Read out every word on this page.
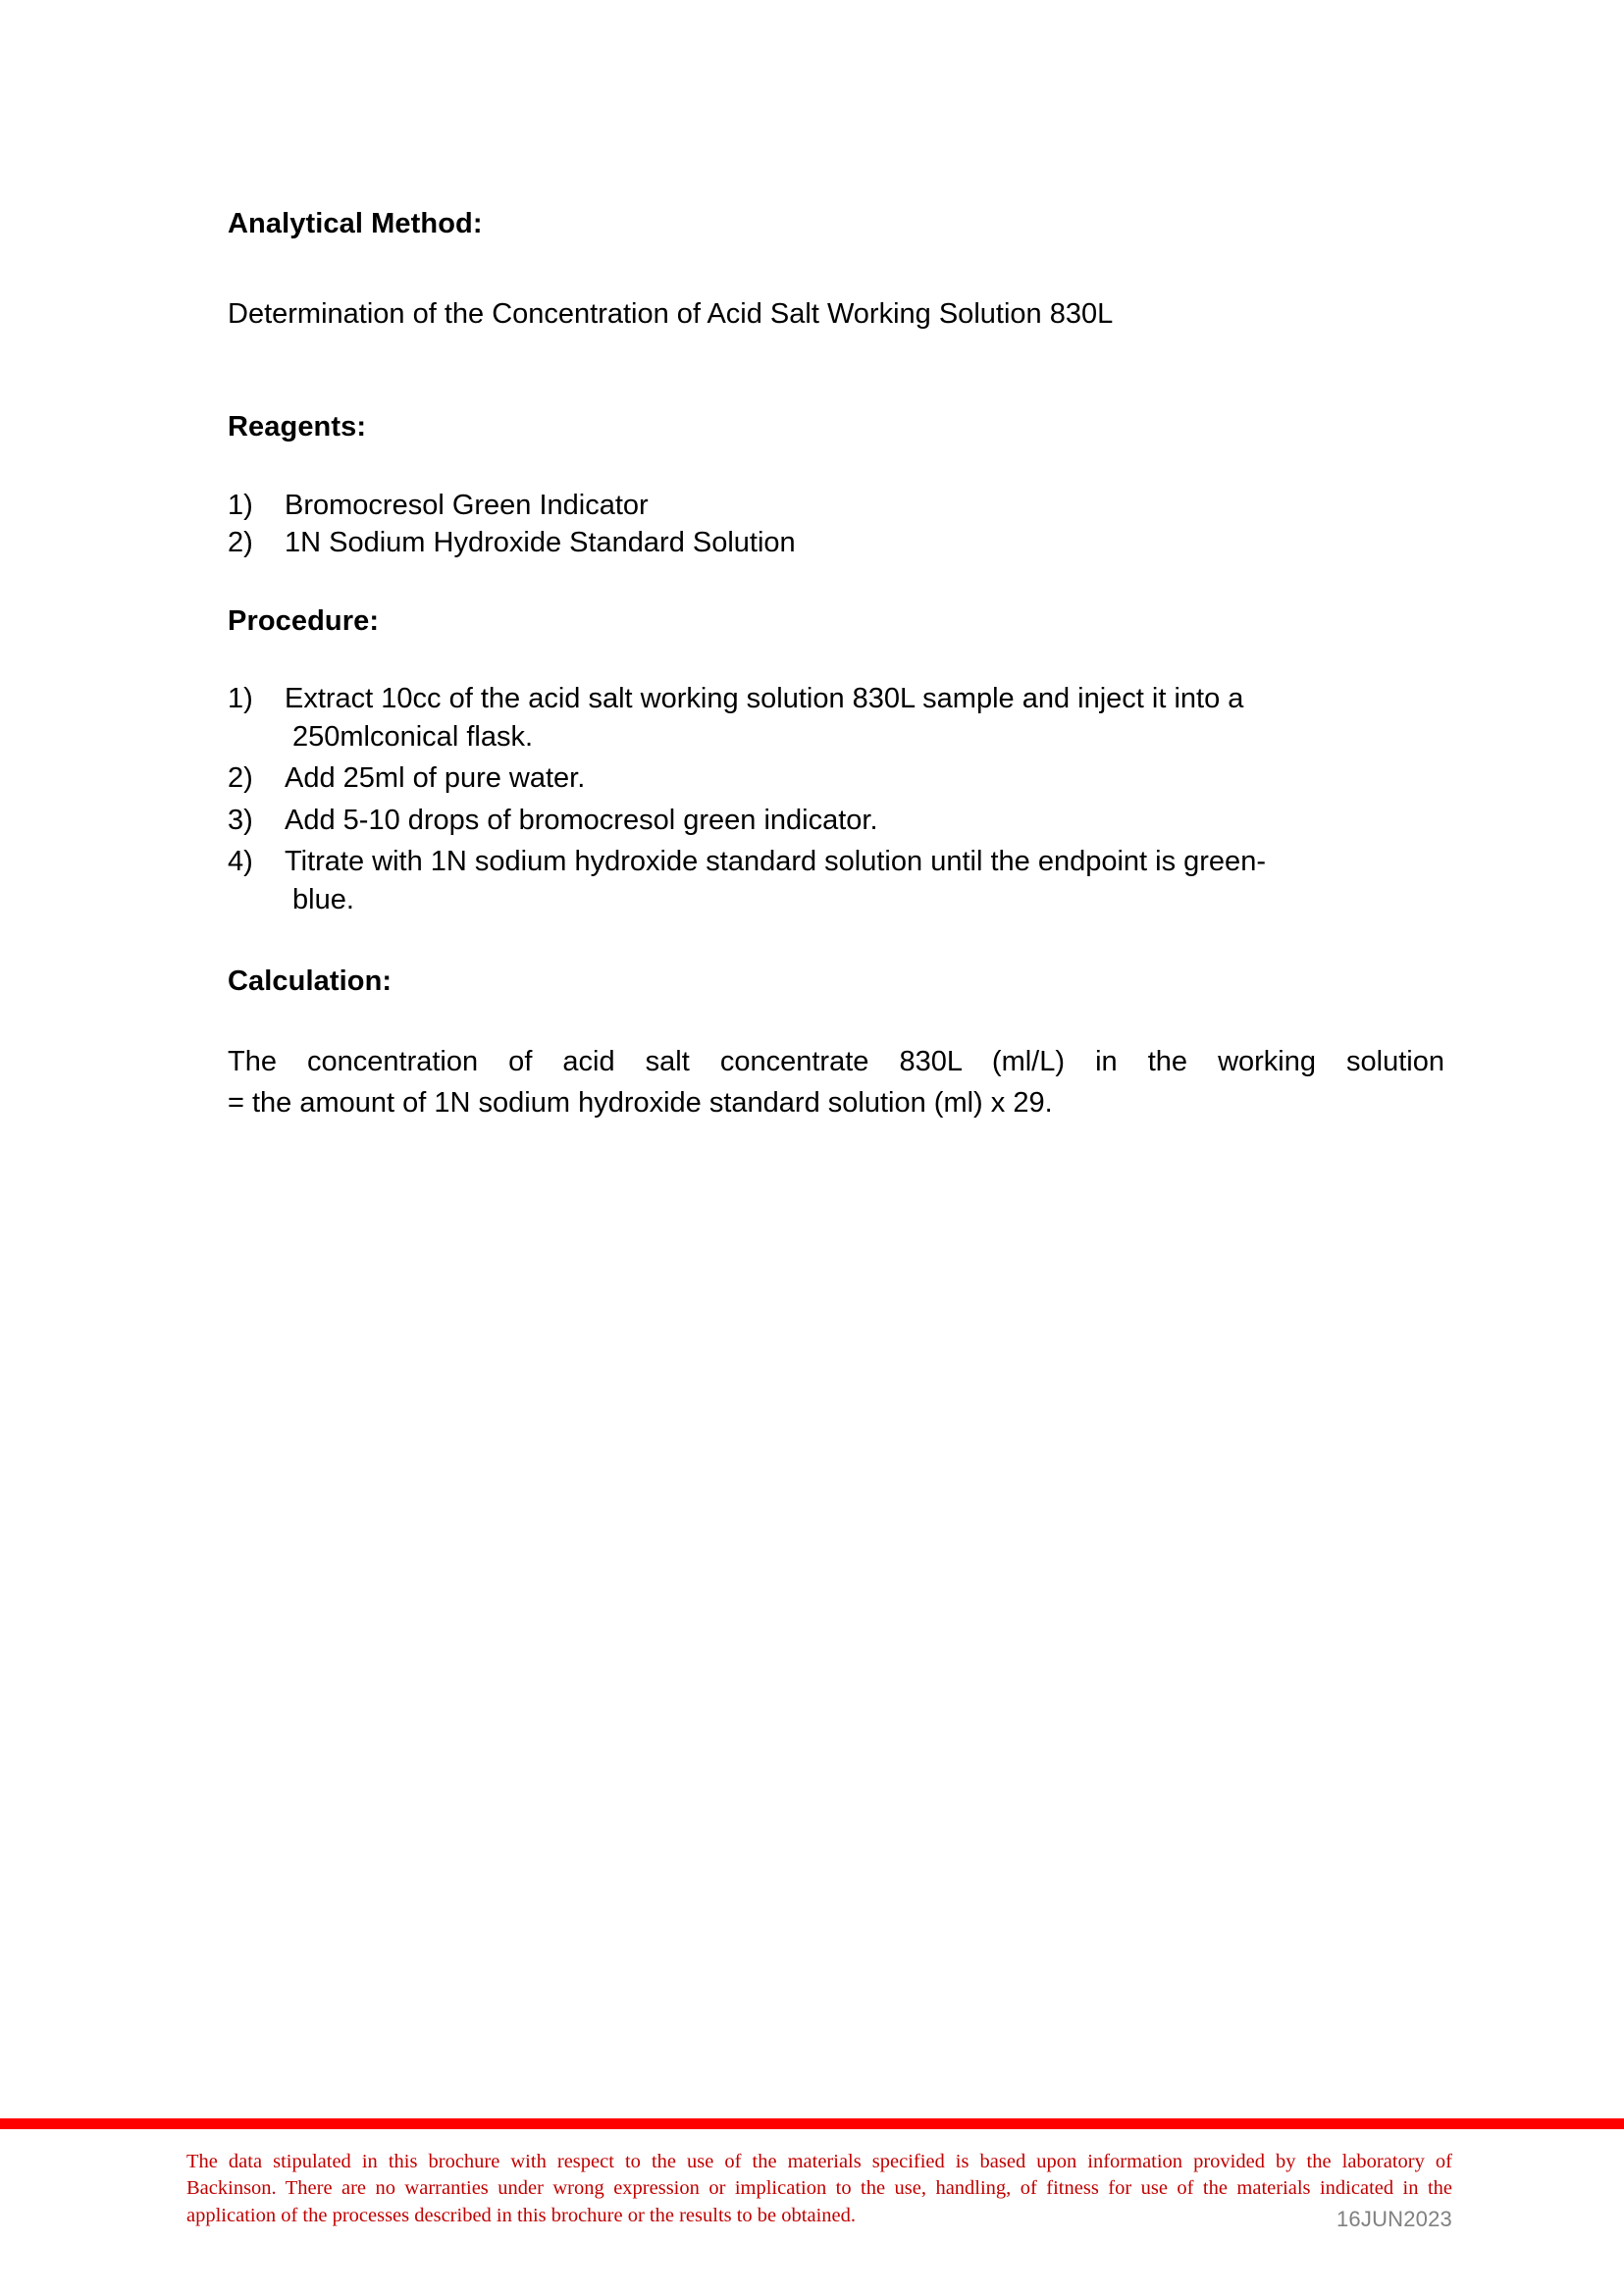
Analytical Method:
Determination of the Concentration of Acid Salt Working Solution 830L
Reagents:
1)	Bromocresol Green Indicator
2)	1N Sodium Hydroxide Standard Solution
Procedure:
1)	Extract 10cc of the acid salt working solution 830L sample and inject it into a
250mlconical flask.
2)	Add 25ml of pure water.
3)	Add 5-10 drops of bromocresol green indicator.
4)	Titrate with 1N sodium hydroxide standard solution until the endpoint is green-
blue.
Calculation:
The concentration of acid salt concentrate 830L (ml/L) in the working solution
= the amount of 1N sodium hydroxide standard solution (ml) x 29.

The data stipulated in this brochure with respect to the use of the materials specified is based upon information provided by the laboratory of

Backinson. There are no warranties under wrong expression or implication to the use, handling, of fitness for use of the materials indicated in the

application of the processes described in this brochure or the results to be obtained.	16JUN2023
